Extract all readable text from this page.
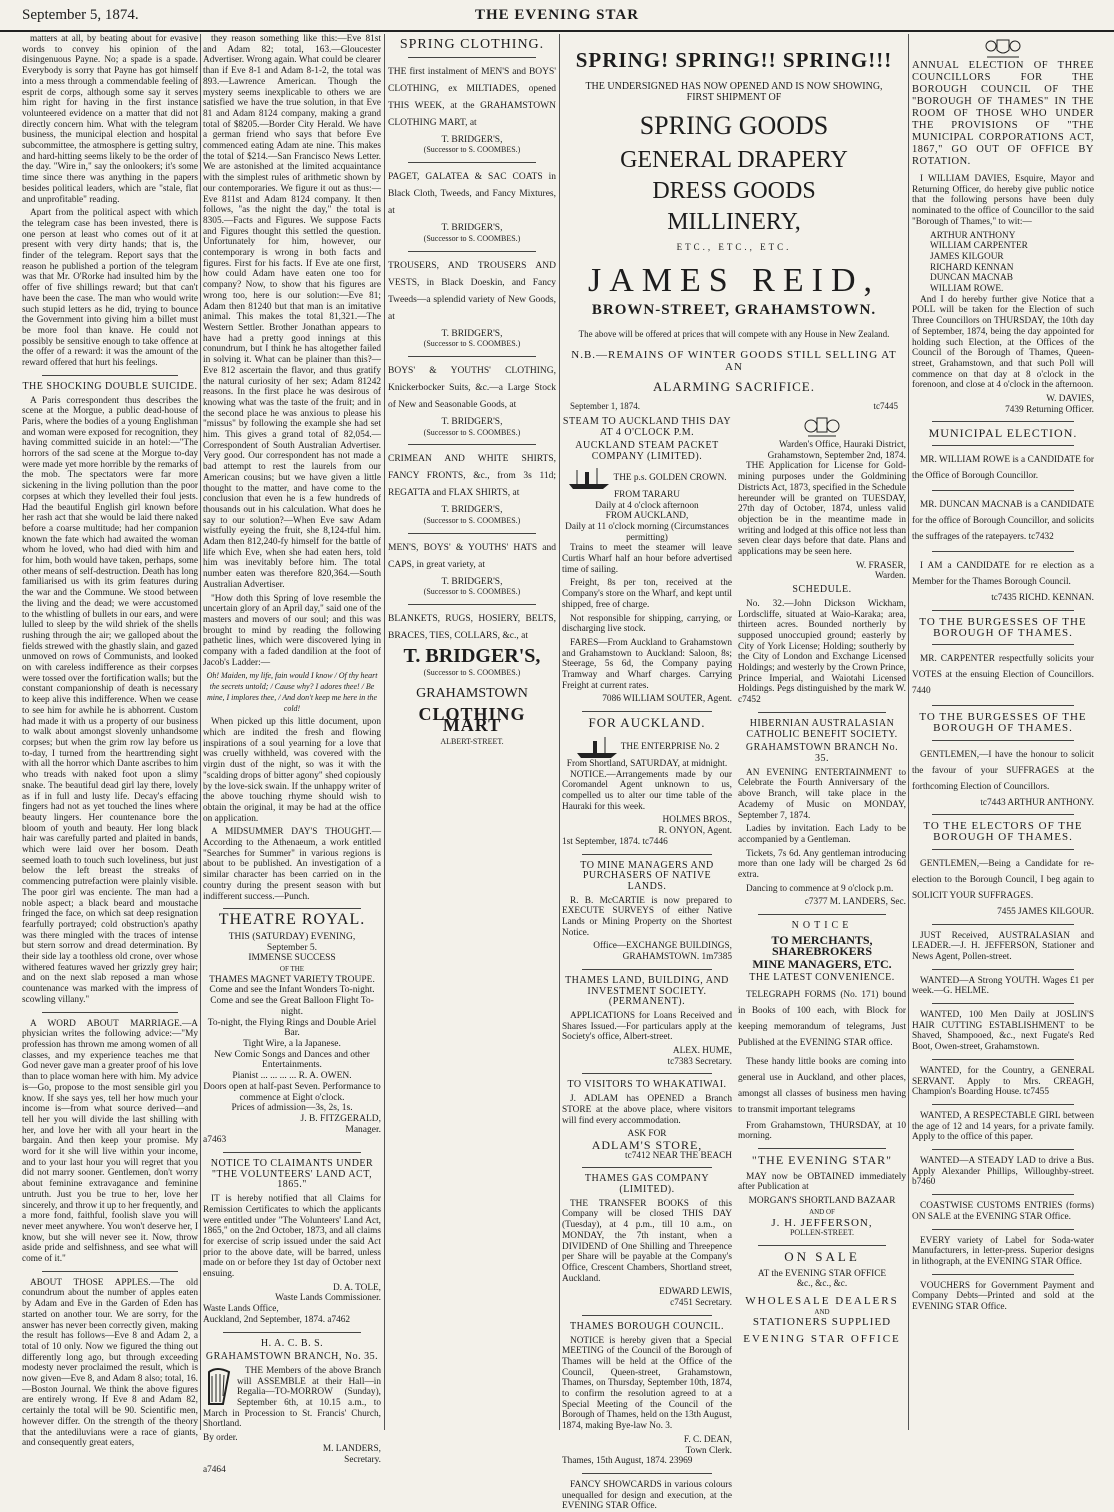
September 5, 1874.	THE EVENING STAR

matters at all, by beating about for evasive words to convey his opinion of the disingenuous Payne. No; a spade is a spade. Everybody is sorry that Payne has got himself into a mess through a commendable feeling of esprit de corps, although some say it serves him right for having in the first instance volunteered evidence on a matter that did not directly concern him. What with the telegram business, the municipal election and hospital subcommittee, the atmosphere is getting sultry, and hard-hitting seems likely to be the order of the day. "Wire in," say the onlookers; it's some time since there was anything in the papers besides political leaders, which are "stale, flat and unprofitable" reading.

Apart from the political aspect with which the telegram case has been invested, there is one person at least who comes out of it at present with very dirty hands; that is, the finder of the telegram. Report says that the reason he published a portion of the telegram was that Mr. O'Rorke had insulted him by the offer of five shillings reward; but that can't have been the case. The man who would write such stupid letters as he did, trying to bounce the Government into giving him a billet must be more fool than knave. He could not possibly be sensitive enough to take offence at the offer of a reward: it was the amount of the reward offered that hurt his feelings.

THE SHOCKING DOUBLE SUICIDE.

A Paris correspondent thus describes the scene at the Morgue, a public dead-house of Paris, where the bodies of a young Englishman and woman were exposed for recognition, they having committed suicide in an hotel:—"The horrors of the sad scene at the Morgue to-day were made yet more horrible by the remarks of the mob. The spectators were far more sickening in the living pollution than the poor corpses at which they levelled their foul jests. Had the beautiful English girl known before her rash act that she would be laid there naked before a coarse multitude; had her companion known the fate which had awaited the woman whom he loved, who had died with him and for him, both would have taken, perhaps, some other means of self-destruction. Death has long familiarised us with its grim features during the war and the Commune. We stood between the living and the dead; we were accustomed to the whistling of bullets in our ears, and were lulled to sleep by the wild shriek of the shells rushing through the air; we galloped about the fields strewed with the ghastly slain, and gazed unmoved on rows of Communists, and looked on with careless indifference as their corpses were tossed over the fortification walls; but the constant companionship of death is necessary to keep alive this indifference. When we cease to see him for awhile he is abhorrent. Custom had made it with us a property of our business to walk about amongst slovenly unhandsome corpses; but when the grim row lay before us to-day, I turned from the hearttrending sight with all the horror which Dante ascribes to him who treads with naked foot upon a slimy snake. The beautiful dead girl lay there, lovely as if in full and lusty life. Decay's effacing fingers had not as yet touched the lines where beauty lingers. Her countenance bore the bloom of youth and beauty. Her long black hair was carefully parted and plaited in bands, which were laid over her bosom. Death seemed loath to touch such loveliness, but just below the left breast the streaks of commencing putrefaction were plainly visible. The poor girl was enciente. The man had a noble aspect; a black beard and moustache fringed the face, on which sat deep resignation fearfully portrayed; cold obstruction's apathy was there mingled with the traces of intense but stern sorrow and dread determination. By their side lay a toothless old crone, over whose withered features waved her grizzly grey hair; and on the next slab reposed a man whose countenance was marked with the impress of scowling villany."

A WORD ABOUT MARRIAGE.—A physician writes the following advice:—"My profession has thrown me among women of all classes, and my experience teaches me that God never gave man a greater proof of his love than to place woman here with him. My advice is—Go, propose to the most sensible girl you know. If she says yes, tell her how much your income is—from what source derived—and tell her you will divide the last shilling with her, and love her with all your heart in the bargain. And then keep your promise. My word for it she will live within your income, and to your last hour you will regret that you did not marry sooner. Gentlemen, don't worry about feminine extravagance and feminine untruth. Just you be true to her, love her sincerely, and throw it up to her frequently, and a more fond, faithful, foolish slave you will never meet anywhere. You won't deserve her, I know, but she will never see it. Now, throw aside pride and selfishness, and see what will come of it."

ABOUT THOSE APPLES.—The old conundrum about the number of apples eaten by Adam and Eve in the Garden of Eden has started on another tour. We are sorry, for the answer has never been correctly given, making the result has follows—Eve 8 and Adam 2, a total of 10 only. Now we figured the thing out differently long ago, but through exceeding modesty never proclaimed the result, which is now given—Eve 8, and Adam 8 also; total, 16.—Boston Journal. We think the above figures are entirely wrong. If Eve 8 and Adam 82, certainly the total will be 90. Scientific men, however differ. On the strength of the theory that the antediluvians were a race of giants, and consequently great eaters,

they reason something like this:—Eve 81st and Adam 82; total, 163.—Gloucester Advertiser. Wrong again. What could be clearer than if Eve 8-1 and Adam 8-1-2, the total was 893.—Lawrence American. Though the mystery seems inexplicable to others we are satisfied we have the true solution, in that Eve 81 and Adam 8124 company, making a grand total of $8205.—Border City Herald. We have a german friend who says that before Eve commenced eating Adam ate nine. This makes the total of $214.—San Francisco News Letter. We are astonished at the limited acquaintance with the simplest rules of arithmetic shown by our contemporaries. We figure it out as thus:—Eve 811st and Adam 8124 company. It then follows, "as the night the day," the total is 8305.—Facts and Figures. We suppose Facts and Figures thought this settled the question. Unfortunately for him, however, our contemporary is wrong in both facts and figures. First for his facts. If Eve ate one first, how could Adam have eaten one too for company? Now, to show that his figures are wrong too, here is our solution:—Eve 81; Adam then 81240 but that man is an imitative animal. This makes the total 81,321.—The Western Settler. Brother Jonathan appears to have had a pretty good innings at this conundrum, but I think he has altogether failed in solving it. What can be plainer than this?—Eve 812 ascertain the flavor, and thus gratify the natural curiosity of her sex; Adam 81242 reasons. In the first place he was desirous of knowing what was the taste of the fruit; and in the second place he was anxious to please his "missus" by following the example she had set him. This gives a grand total of 82,054.—Correspondent of South Australian Advertiser. Very good. Our correspondent has not made a bad attempt to rest the laurels from our American cousins; but we have given a little thought to the matter, and have come to the conclusion that even he is a few hundreds of thousands out in his calculation. What does he say to our solution?—When Eve saw Adam wistfully eyeing the fruit, she 8,124-tful him. Adam then 812,240-fy himself for the battle of life which Eve, when she had eaten hers, told him was inevitably before him. The total number eaten was therefore 820,364.—South Australian Advertiser.

"How doth this Spring of love resemble the uncertain glory of an April day," said one of the masters and movers of our soul; and this was brought to mind by reading the following pathetic lines, which were discovered lying in company with a faded dandilion at the foot of Jacob's Ladder:—

Oh! Maiden, my life, fain would I know / Of thy heart the secrets untold; / Cause why? I adores thee! / Be mine, I implores thee, / And don't keep me here in the cold!

When picked up this little document, upon which are indited the fresh and flowing inspirations of a soul yearning for a love that was cruelly withheld, was covered with the virgin dust of the night, so was it with the "scalding drops of bitter agony" shed copiously by the love-sick swain. If the unhappy writer of the above touching rhyme should wish to obtain the original, it may be had at the office on application.

A MIDSUMMER DAY'S THOUGHT.—According to the Athenaeum, a work entitled "Searches for Summer" in various regions is about to be published. An investigation of a similar character has been carried on in the country during the present season with but indifferent success.—Punch.

THEATRE ROYAL.
THIS (SATURDAY) EVENING,
September 5.
IMMENSE SUCCESS
OF THE
THAMES MAGNET VARIETY TROUPE.
Come and see the Infant Wonders To-night. Come and see the Great Balloon Flight To-night.
To-night, the Flying Rings and Double Ariel Bar.
Tight Wire, a la Japanese.
New Comic Songs and Dances and other Entertainments.
Pianist ... ... ... ... R. A. OWEN.
Doors open at half-past Seven. Performance to commence at Eight o'clock.
Prices of admission—3s, 2s, 1s.
J. B. FITZGERALD,
Manager.
a7463
NOTICE TO CLAIMANTS UNDER "THE VOLUNTEERS' LAND ACT, 1865."

IT is hereby notified that all Claims for Remission Certificates to which the applicants were entitled under "The Volunteers' Land Act, 1865," on the 2nd October, 1873, and all claims for exercise of scrip issued under the said Act prior to the above date, will be barred, unless made on or before they 1st day of October next ensuing.

D. A. TOLE,
Waste Lands Commissioner.
Waste Lands Office,
Auckland, 2nd September, 1874. a7462
H. A. C. B. S.
GRAHAMSTOWN BRANCH, No. 35.

THE Members of the above Branch will ASSEMBLE at their Hall—in Regalia—TO-MORROW (Sunday), September 6th, at 10.15 a.m., to March in Procession to St. Francis' Church, Shortland.

By order.
M. LANDERS,
Secretary.
a7464
SPRING CLOTHING.

THE first instalment of MEN'S and BOYS' CLOTHING, ex MILTIADES, opened THIS WEEK, at the GRAHAMSTOWN CLOTHING MART, at

T. BRIDGER'S,
(Successor to S. COOMBES.)

PAGET, GALATEA & SAC COATS in Black Cloth, Tweeds, and Fancy Mixtures, at

T. BRIDGER'S,
(Successor to S. COOMBES.)

TROUSERS, AND TROUSERS AND VESTS, in Black Doeskin, and Fancy Tweeds—a splendid variety of New Goods, at

T. BRIDGER'S,
(Successor to S. COOMBES.)

BOYS' & YOUTHS' CLOTHING, Knickerbocker Suits, &c.—a Large Stock of New and Seasonable Goods, at

T. BRIDGER'S,
(Successor to S. COOMBES.)

CRIMEAN AND WHITE SHIRTS, FANCY FRONTS, &c., from 3s 11d; REGATTA and FLAX SHIRTS, at

T. BRIDGER'S,
(Successor to S. COOMBES.)

MEN'S, BOYS' & YOUTHS' HATS and CAPS, in great variety, at

T. BRIDGER'S,
(Successor to S. COOMBES.)

BLANKETS, RUGS, HOSIERY, BELTS, BRACES, TIES, COLLARS, &c., at

T. BRIDGER'S,
(Successor to S. COOMBES.)
GRAHAMSTOWN
CLOTHING MART
ALBERT-STREET.
SPRING! SPRING!! SPRING!!!
THE UNDERSIGNED HAS NOW OPENED AND IS NOW SHOWING, FIRST SHIPMENT OF
SPRING GOODS
GENERAL DRAPERY
DRESS GOODS
MILLINERY,
ETC., ETC., ETC.
JAMES REID,
BROWN-STREET, GRAHAMSTOWN.
The above will be offered at prices that will compete with any House in New Zealand.
N.B.—REMAINS OF WINTER GOODS STILL SELLING AT AN
ALARMING SACRIFICE.
September 1, 1874.	tc7445
STEAM TO AUCKLAND THIS DAY AT 4 O'CLOCK P.M.
AUCKLAND STEAM PACKET COMPANY (LIMITED).
THE p.s. GOLDEN CROWN.
FROM TARARU
Daily at 4 o'clock afternoon
FROM AUCKLAND,
Daily at 11 o'clock morning (Circumstances permitting)

Trains to meet the steamer will leave Curtis Wharf half an hour before advertised time of sailing.

Freight, 8s per ton, received at the Company's store on the Wharf, and kept until shipped, free of charge.

Not responsible for shipping, carrying, or discharging live stock.

FARES—From Auckland to Grahamstown and Grahamstown to Auckland: Saloon, 8s; Steerage, 5s 6d, the Company paying Tramway and Wharf charges. Carrying Freight at current rates.

7086 WILLIAM SOUTER, Agent.
FOR AUCKLAND.
THE ENTERPRISE No. 2
From Shortland, SATURDAY, at midnight.

NOTICE.—Arrangements made by our Coromandel Agent unknown to us, compelled us to alter our time table of the Hauraki for this week.

HOLMES BROS.,
R. ONYON, Agent.
1st September, 1874. tc7446
TO MINE MANAGERS AND PURCHASERS OF NATIVE LANDS.

R. B. McCARTIE is now prepared to EXECUTE SURVEYS of either Native Lands or Mining Property on the Shortest Notice.

Office—EXCHANGE BUILDINGS, GRAHAMSTOWN. 1m7385
THAMES LAND, BUILDING, AND INVESTMENT SOCIETY. (PERMANENT).

APPLICATIONS for Loans Received and Shares Issued.—For particulars apply at the Society's office, Albert-street.

ALEX. HUME,
tc7383 Secretary.
TO VISITORS TO WHAKATIWAI.

J. ADLAM has OPENED a Branch STORE at the above place, where visitors will find every accommodation.

ASK FOR
ADLAM'S STORE,
tc7412 NEAR THE BEACH
THAMES GAS COMPANY (LIMITED).

THE TRANSFER BOOKS of this Company will be closed THIS DAY (Tuesday), at 4 p.m., till 10 a.m., on MONDAY, the 7th instant, when a DIVIDEND of One Shilling and Threepence per Share will be payable at the Company's Office, Crescent Chambers, Shortland street, Auckland.

EDWARD LEWIS,
c7451 Secretary.
THAMES BOROUGH COUNCIL.

NOTICE is hereby given that a Special MEETING of the Council of the Borough of Thames will be held at the Office of the Council, Queen-street, Grahamstown, Thames, on Thursday, September 10th, 1874, to confirm the resolution agreed to at a Special Meeting of the Council of the Borough of Thames, held on the 13th August, 1874, making Bye-law No. 3.

F. C. DEAN,
Town Clerk.
Thames, 15th August, 1874. 23969

FANCY SHOWCARDS in various colours unequalled for design and execution, at the EVENING STAR Office.

Warden's Office, Hauraki District, Grahamstown, September 2nd, 1874.

THE Application for License for Gold-mining purposes under the Goldmining Districts Act, 1873, specified in the Schedule hereunder will be granted on TUESDAY, 27th day of October, 1874, unless valid objection be in the meantime made in writing and lodged at this office not less than seven clear days before that date. Plans and applications may be seen here.

W. FRASER,
Warden.
SCHEDULE.

No. 32.—John Dickson Wickham, Lordscliffe, situated at Waio-Karaka; area, thirteen acres. Bounded northerly by supposed unoccupied ground; easterly by City of York License; Holding; southerly by the City of London and Exchange Licensed Holdings; and westerly by the Crown Prince, Prince Imperial, and Waiotahi Licensed Holdings. Pegs distinguished by the mark W. c7452

HIBERNIAN AUSTRALASIAN CATHOLIC BENEFIT SOCIETY.
GRAHAMSTOWN BRANCH No. 35.

AN EVENING ENTERTAINMENT to Celebrate the Fourth Anniversary of the above Branch, will take place in the Academy of Music on MONDAY, September 7, 1874.

Ladies by invitation. Each Lady to be accompanied by a Gentleman.

Tickets, 7s 6d. Any gentleman introducing more than one lady will be charged 2s 6d extra.

Dancing to commence at 9 o'clock p.m.

c7377 M. LANDERS, Sec.
NOTICE
TO MERCHANTS, SHAREBROKERS
MINE MANAGERS, ETC.
THE LATEST CONVENIENCE.

TELEGRAPH FORMS (No. 171) bound in Books of 100 each, with Block for keeping memorandum of telegrams, Just Published at the EVENING STAR office.

These handy little books are coming into general use in Auckland, and other places, amongst all classes of business men having to transmit important telegrams

From Grahamstown, THURSDAY, at 10 morning.

"THE EVENING STAR"

MAY now be OBTAINED immediately after Publication at

MORGAN'S SHORTLAND BAZAAR
AND OF
J. H. JEFFERSON,
POLLEN-STREET.
ON SALE
AT the EVENING STAR OFFICE
&c., &c., &c.
WHOLESALE DEALERS
AND
STATIONERS SUPPLIED
EVENING STAR OFFICE
ANNUAL ELECTION OF THREE COUNCILLORS FOR THE BOROUGH COUNCIL OF THE "BOROUGH OF THAMES" IN THE ROOM OF THOSE WHO UNDER THE PROVISIONS OF "THE MUNICIPAL CORPORATIONS ACT, 1867," GO OUT OF OFFICE BY ROTATION.

I WILLIAM DAVIES, Esquire, Mayor and Returning Officer, do hereby give public notice that the following persons have been duly nominated to the office of Councillor to the said "Borough of Thames," to wit:—

ARTHUR ANTHONY
WILLIAM CARPENTER
JAMES KILGOUR
RICHARD KENNAN
DUNCAN MACNAB
WILLIAM ROWE.

And I do hereby further give Notice that a POLL will be taken for the Election of such Three Councillors on THURSDAY, the 10th day of September, 1874, being the day appointed for holding such Election, at the Offices of the Council of the Borough of Thames, Queen-street, Grahamstown, and that such Poll will commence on that day at 8 o'clock in the forenoon, and close at 4 o'clock in the afternoon.

W. DAVIES,
7439 Returning Officer.
MUNICIPAL ELECTION.

MR. WILLIAM ROWE is a CANDIDATE for the Office of Borough Councillor.

MR. DUNCAN MACNAB is a CANDIDATE for the office of Borough Councillor, and solicits the suffrages of the ratepayers. tc7432

I AM a CANDIDATE for re election as a Member for the Thames Borough Council.

tc7435 RICHD. KENNAN.
TO THE BURGESSES OF THE BOROUGH OF THAMES.

MR. CARPENTER respectfully solicits your VOTES at the ensuing Election of Councillors. 7440

TO THE BURGESSES OF THE BOROUGH OF THAMES.

GENTLEMEN,—I have the honour to solicit the favour of your SUFFRAGES at the forthcoming Election of Councillors.

tc7443 ARTHUR ANTHONY.
TO THE ELECTORS OF THE BOROUGH OF THAMES.

GENTLEMEN,—Being a Candidate for re-election to the Borough Council, I beg again to SOLICIT YOUR SUFFRAGES.

7455 JAMES KILGOUR.

JUST Received, AUSTRALASIAN and LEADER.—J. H. JEFFERSON, Stationer and News Agent, Pollen-street.

WANTED—A Strong YOUTH. Wages £1 per week.—G. HELME.

WANTED, 100 Men Daily at JOSLIN'S HAIR CUTTING ESTABLISHMENT to be Shaved, Shampooed, &c., next Fugate's Red Boot, Owen-street, Grahamstown.

WANTED, for the Country, a GENERAL SERVANT. Apply to Mrs. CREAGH, Champion's Boarding House. tc7455

WANTED, A RESPECTABLE GIRL between the age of 12 and 14 years, for a private family. Apply to the office of this paper.

WANTED—A STEADY LAD to drive a Bus. Apply Alexander Phillips, Willoughby-street. b7460

COASTWISE CUSTOMS ENTRIES (forms) ON SALE at the EVENING STAR Office.

EVERY variety of Label for Soda-water Manufacturers, in letter-press. Superior designs in lithograph, at the EVENING STAR Office.

VOUCHERS for Government Payment and Company Debts—Printed and sold at the EVENING STAR Office.
